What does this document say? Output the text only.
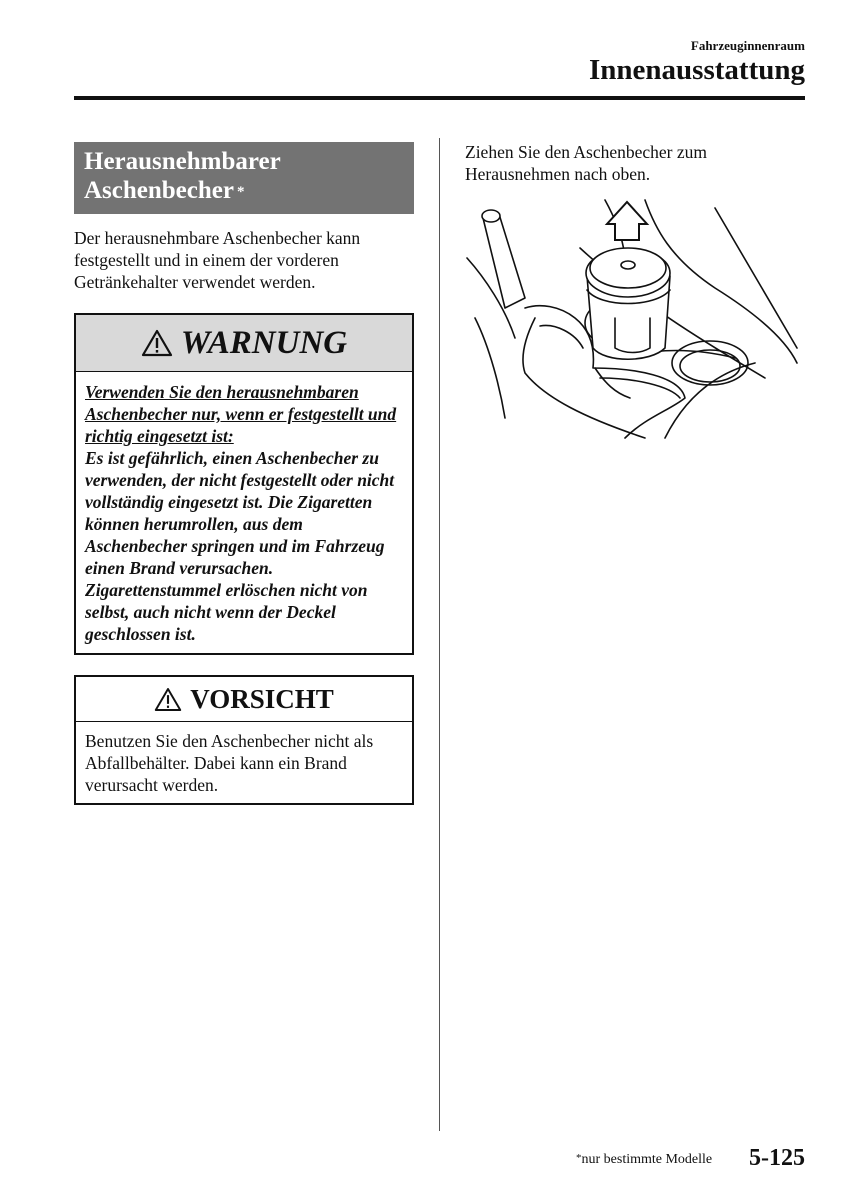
Fahrzeuginnenraum
Innenausstattung
Herausnehmbarer
Aschenbecher *

Der herausnehmbare Aschenbecher kann festgestellt und in einem der vorderen Getränkehalter verwendet werden.

WARNUNG
Verwenden Sie den herausnehmbaren Aschenbecher nur, wenn er festgestellt und richtig eingesetzt ist:
Es ist gefährlich, einen Aschenbecher zu verwenden, der nicht festgestellt oder nicht vollständig eingesetzt ist. Die Zigaretten können herumrollen, aus dem Aschenbecher springen und im Fahrzeug einen Brand verursachen. Zigarettenstummel erlöschen nicht von selbst, auch nicht wenn der Deckel geschlossen ist.
VORSICHT
Benutzen Sie den Aschenbecher nicht als Abfallbehälter. Dabei kann ein Brand verursacht werden.

Ziehen Sie den Aschenbecher zum Herausnehmen nach oben.

*nur bestimmte Modelle 5-125
